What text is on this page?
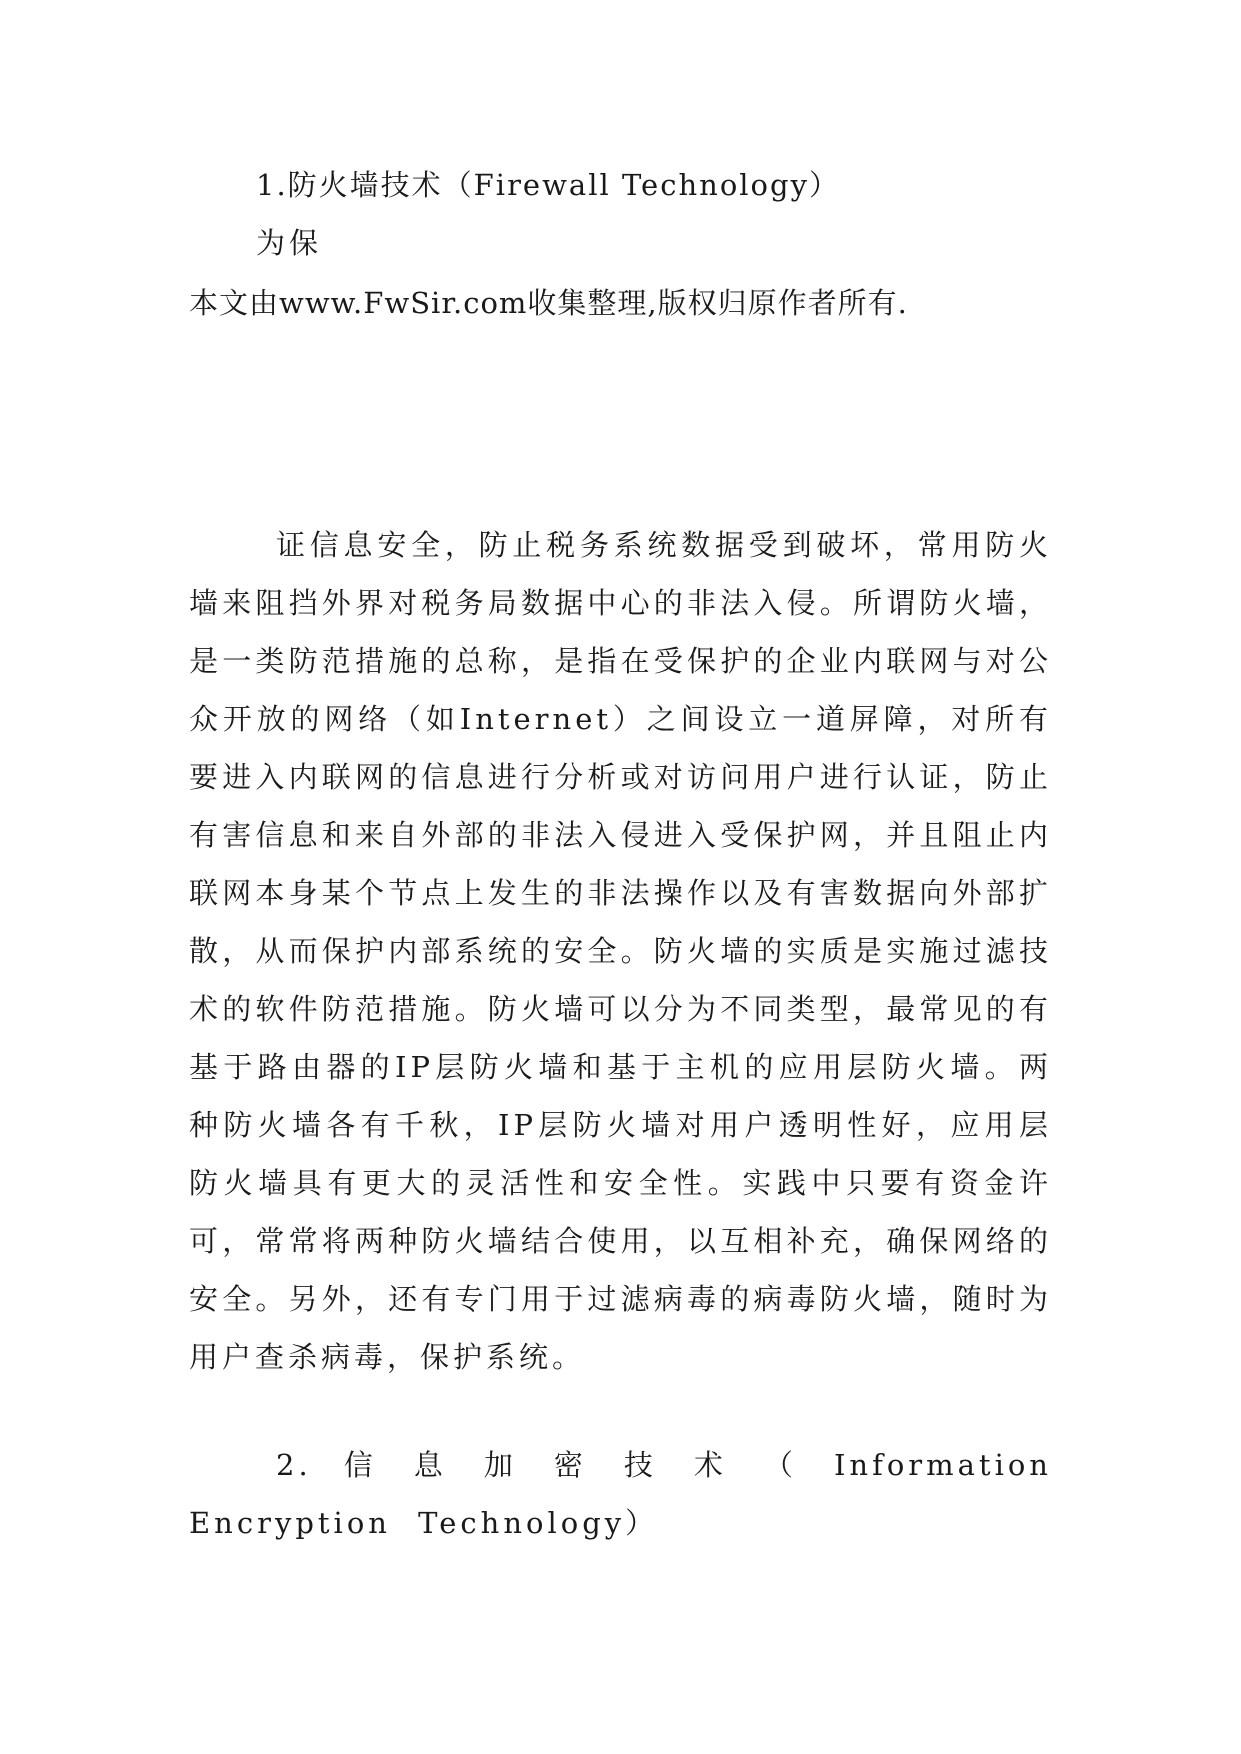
1.防火墙技术（Firewall Technology）

为保

本文由www.FwSir.com收集整理,版权归原作者所有.

证信息安全，防止税务系统数据受到破坏，常用防火墙来阻挡外界对税务局数据中心的非法入侵。所谓防火墙，是一类防范措施的总称，是指在受保护的企业内联网与对公众开放的网络（如Internet）之间设立一道屏障，对所有要进入内联网的信息进行分析或对访问用户进行认证，防止有害信息和来自外部的非法入侵进入受保护网，并且阻止内联网本身某个节点上发生的非法操作以及有害数据向外部扩散，从而保护内部系统的安全。防火墙的实质是实施过滤技术的软件防范措施。防火墙可以分为不同类型，最常见的有基于路由器的IP层防火墙和基于主机的应用层防火墙。两种防火墙各有千秋，IP层防火墙对用户透明性好，应用层防火墙具有更大的灵活性和安全性。实践中只要有资金许可，常常将两种防火墙结合使用，以互相补充，确保网络的安全。另外，还有专门用于过滤病毒的病毒防火墙，随时为用户查杀病毒，保护系统。

2. 信 息 加 密 技 术 （ Information Encryption Technology）
